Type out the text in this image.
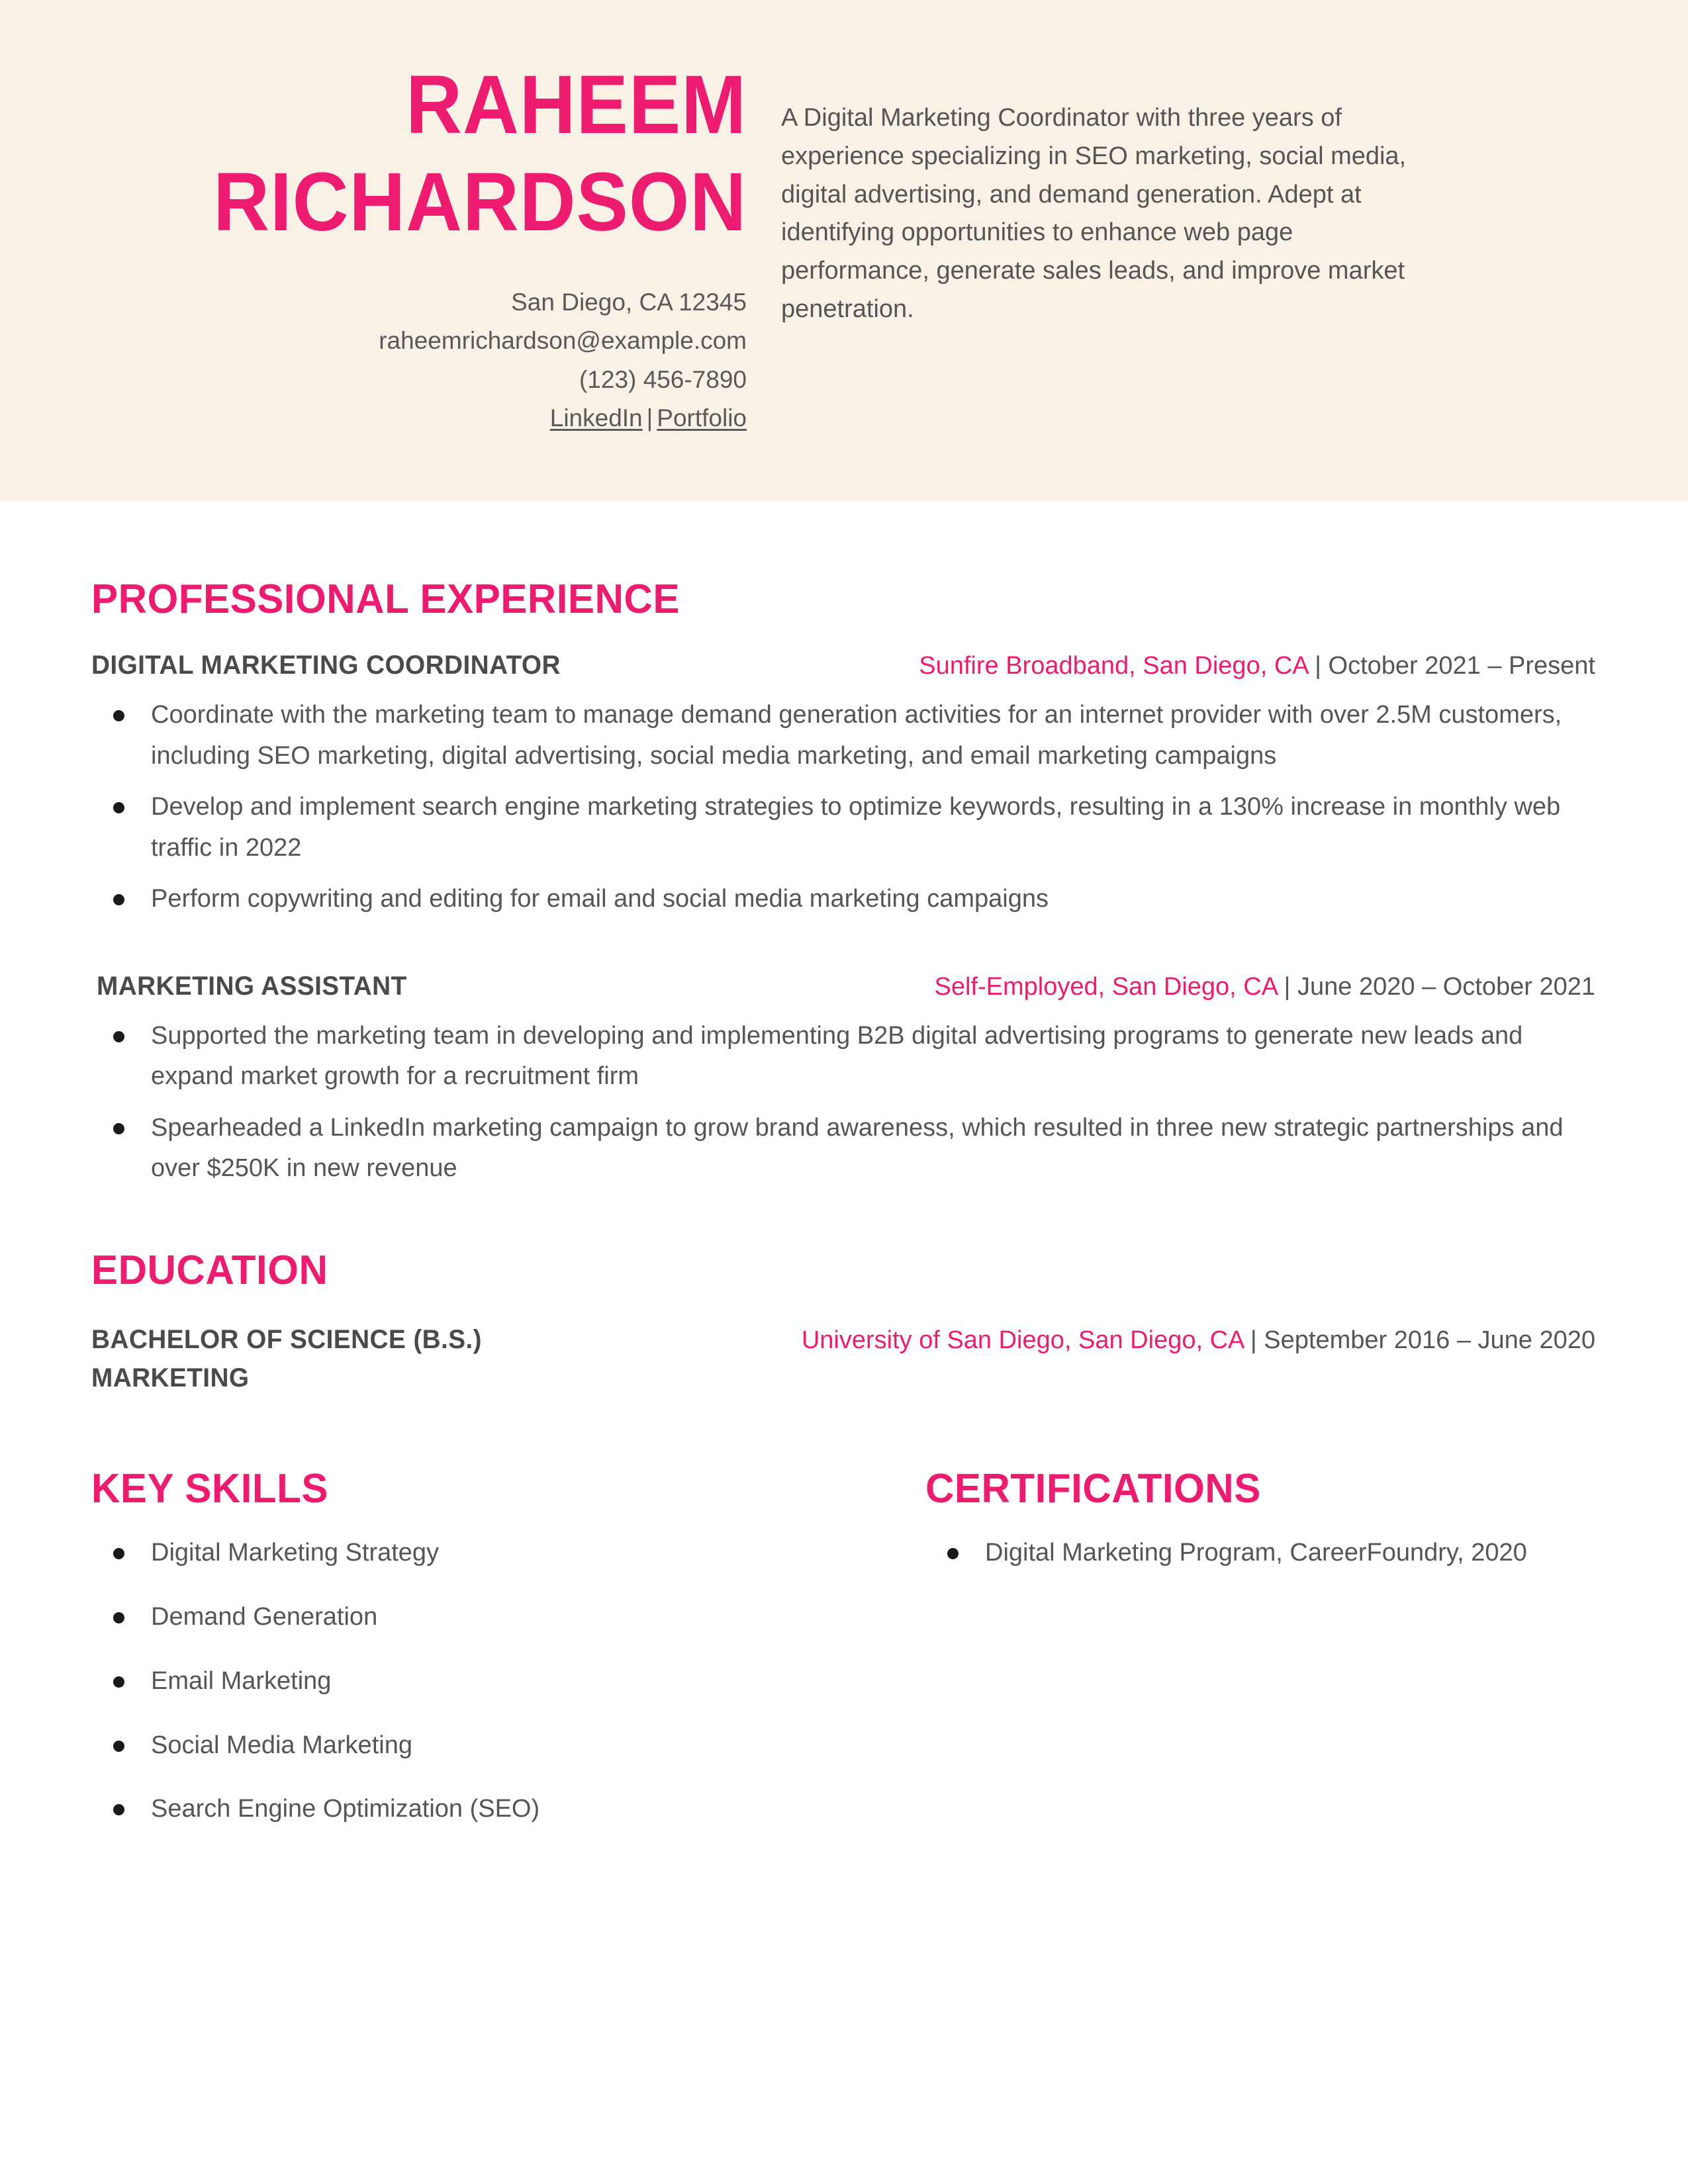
RAHEEM
RICHARDSON
San Diego, CA 12345
raheemrichardson@example.com
(123) 456-7890
LinkedIn | Portfolio

A Digital Marketing Coordinator with three years of experience specializing in SEO marketing, social media, digital advertising, and demand generation. Adept at identifying opportunities to enhance web page performance, generate sales leads, and improve market penetration.

PROFESSIONAL EXPERIENCE
DIGITAL MARKETING COORDINATOR	Sunfire Broadband, San Diego, CA | October 2021 – Present
Coordinate with the marketing team to manage demand generation activities for an internet provider with over 2.5M customers, including SEO marketing, digital advertising, social media marketing, and email marketing campaigns
Develop and implement search engine marketing strategies to optimize keywords, resulting in a 130% increase in monthly web traffic in 2022
Perform copywriting and editing for email and social media marketing campaigns
MARKETING ASSISTANT	Self-Employed, San Diego, CA | June 2020 – October 2021
Supported the marketing team in developing and implementing B2B digital advertising programs to generate new leads and expand market growth for a recruitment firm
Spearheaded a LinkedIn marketing campaign to grow brand awareness, which resulted in three new strategic partnerships and over $250K in new revenue
EDUCATION
BACHELOR OF SCIENCE (B.S.)
MARKETING
University of San Diego, San Diego, CA | September 2016 – June 2020
KEY SKILLS
Digital Marketing Strategy
Demand Generation
Email Marketing
Social Media Marketing
Search Engine Optimization (SEO)
CERTIFICATIONS
Digital Marketing Program, CareerFoundry, 2020
